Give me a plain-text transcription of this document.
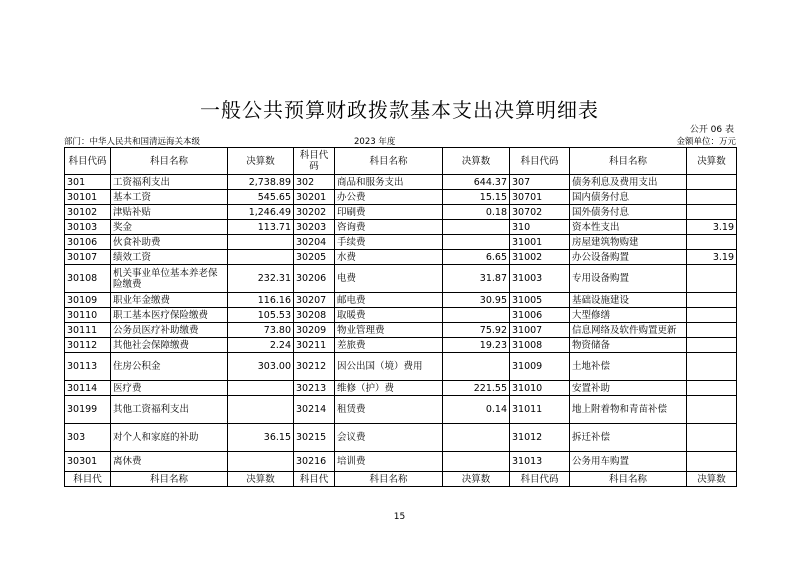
一般公共预算财政拨款基本支出决算明细表
公开 06 表
部门：中华人民共和国清远海关本级	2023 年度	金额单位：万元
科目代码	科目名称	决算数	科目代码	科目名称	决算数	科目代码	科目名称	决算数
301	工资福利支出	2,738.89	302	商品和服务支出	644.37	307	债务利息及费用支出	
30101	基本工资	545.65	30201	办公费	15.15	30701	国内债务付息	
30102	津贴补贴	1,246.49	30202	印刷费	0.18	30702	国外债务付息	
30103	奖金	113.71	30203	咨询费		310	资本性支出	3.19
30106	伙食补助费		30204	手续费		31001	房屋建筑物购建	
30107	绩效工资		30205	水费	6.65	31002	办公设备购置	3.19
30108	机关事业单位基本养老保险缴费	232.31	30206	电费	31.87	31003	专用设备购置	
30109	职业年金缴费	116.16	30207	邮电费	30.95	31005	基础设施建设	
30110	职工基本医疗保险缴费	105.53	30208	取暖费		31006	大型修缮	
30111	公务员医疗补助缴费	73.80	30209	物业管理费	75.92	31007	信息网络及软件购置更新	
30112	其他社会保障缴费	2.24	30211	差旅费	19.23	31008	物资储备	
30113	住房公积金	303.00	30212	因公出国（境）费用		31009	土地补偿	
30114	医疗费		30213	维修（护）费	221.55	31010	安置补助	
30199	其他工资福利支出		30214	租赁费	0.14	31011	地上附着物和青苗补偿	
303	对个人和家庭的补助	36.15	30215	会议费		31012	拆迁补偿	
30301	离休费		30216	培训费		31013	公务用车购置	
科目代	科目名称	决算数	科目代	科目名称	决算数	科目代码	科目名称	决算数
15
